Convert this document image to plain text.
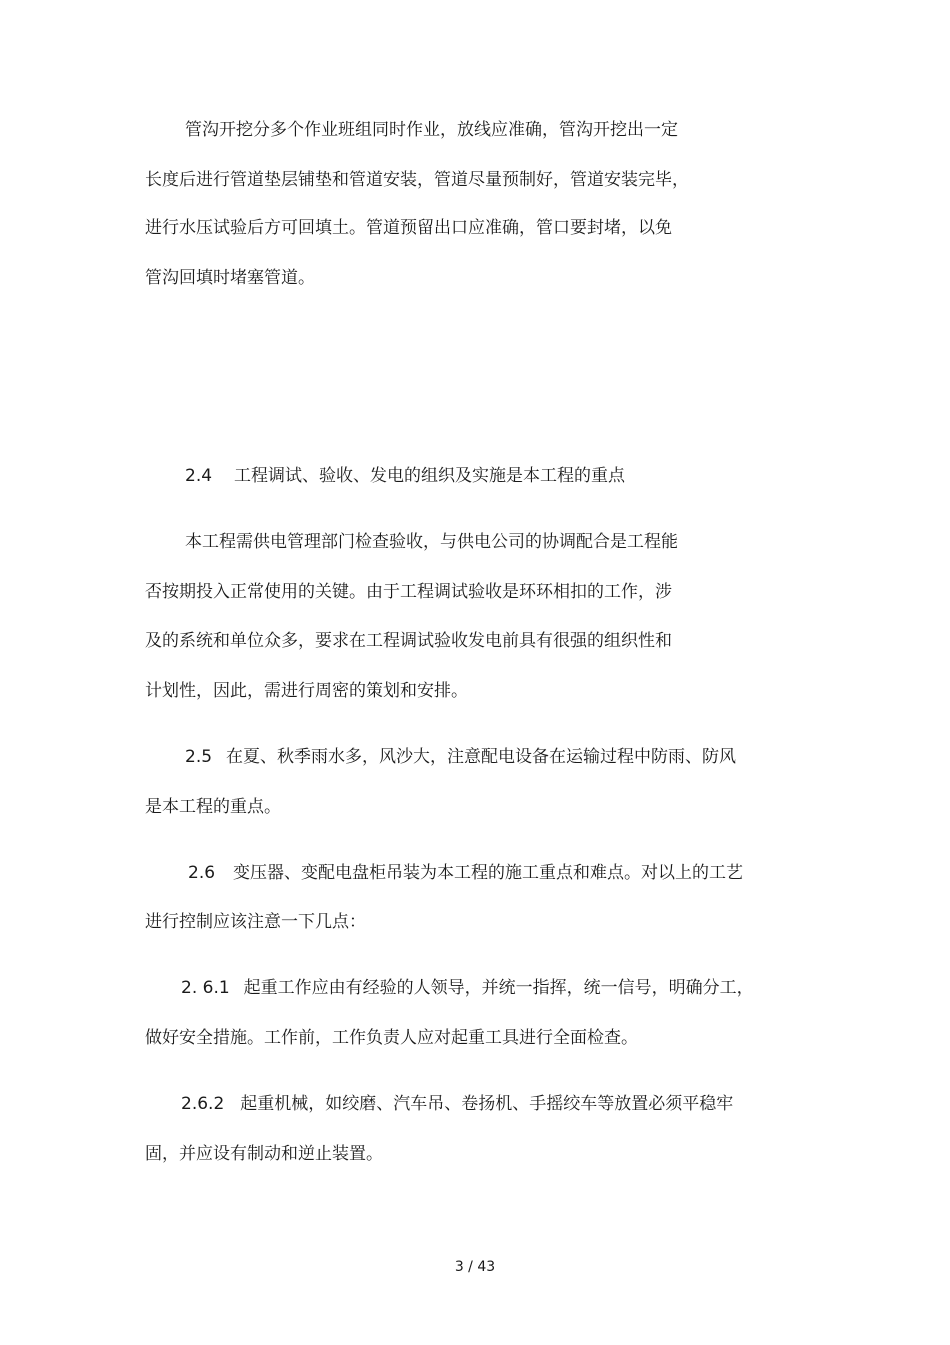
管沟开挖分多个作业班组同时作业，放线应准确，管沟开挖出一定
长度后进行管道垫层铺垫和管道安装，管道尽量预制好，管道安装完毕，
进行水压试验后方可回填土。管道预留出口应准确，管口要封堵，以免
管沟回填时堵塞管道。
2.4 工程调试、验收、发电的组织及实施是本工程的重点
本工程需供电管理部门检查验收，与供电公司的协调配合是工程能
否按期投入正常使用的关键。由于工程调试验收是环环相扣的工作，涉
及的系统和单位众多，要求在工程调试验收发电前具有很强的组织性和
计划性，因此，需进行周密的策划和安排。
2.5 在夏、秋季雨水多，风沙大，注意配电设备在运输过程中防雨、防风
是本工程的重点。
2.6 变压器、变配电盘柜吊装为本工程的施工重点和难点。对以上的工艺
进行控制应该注意一下几点：
2. 6.1 起重工作应由有经验的人领导，并统一指挥，统一信号，明确分工，
做好安全措施。工作前，工作负责人应对起重工具进行全面检查。
2.6.2 起重机械，如绞磨、汽车吊、卷扬机、手摇绞车等放置必须平稳牢
固，并应设有制动和逆止装置。
3 / 43
